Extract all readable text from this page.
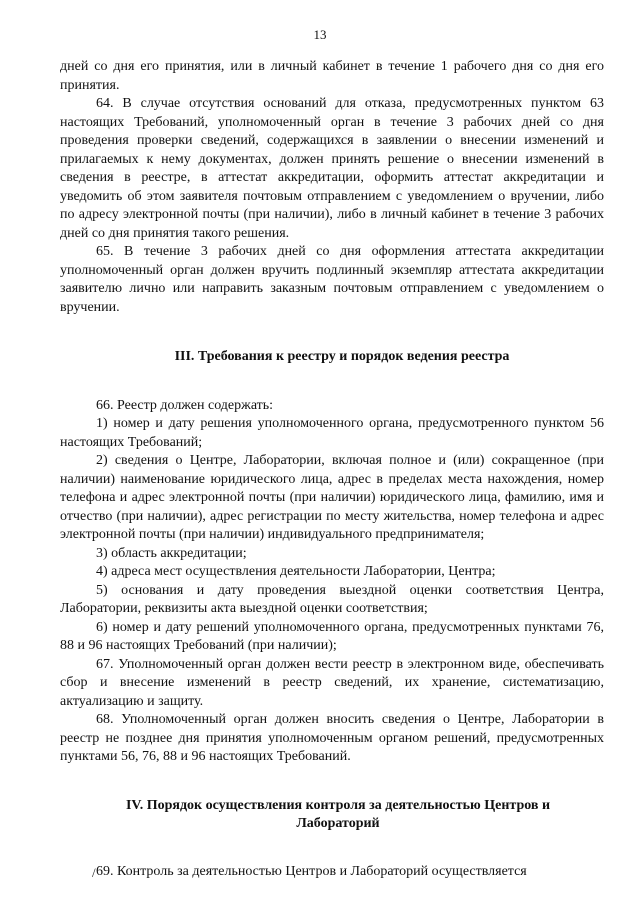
13

дней со дня его принятия, или в личный кабинет в течение 1 рабочего дня со дня его принятия.

64. В случае отсутствия оснований для отказа, предусмотренных пунктом 63 настоящих Требований, уполномоченный орган в течение 3 рабочих дней со дня проведения проверки сведений, содержащихся в заявлении о внесении изменений и прилагаемых к нему документах, должен принять решение о внесении изменений в сведения в реестре, в аттестат аккредитации, оформить аттестат аккредитации и уведомить об этом заявителя почтовым отправлением с уведомлением о вручении, либо по адресу электронной почты (при наличии), либо в личный кабинет в течение 3 рабочих дней со дня принятия такого решения.

65. В течение 3 рабочих дней со дня оформления аттестата аккредитации уполномоченный орган должен вручить подлинный экземпляр аттестата аккредитации заявителю лично или направить заказным почтовым отправлением с уведомлением о вручении.

III. Требования к реестру и порядок ведения реестра

66. Реестр должен содержать:

1) номер и дату решения уполномоченного органа, предусмотренного пунктом 56 настоящих Требований;

2) сведения о Центре, Лаборатории, включая полное и (или) сокращенное (при наличии) наименование юридического лица, адрес в пределах места нахождения, номер телефона и адрес электронной почты (при наличии) юридического лица, фамилию, имя и отчество (при наличии), адрес регистрации по месту жительства, номер телефона и адрес электронной почты (при наличии) индивидуального предпринимателя;

3) область аккредитации;

4) адреса мест осуществления деятельности Лаборатории, Центра;

5) основания и дату проведения выездной оценки соответствия Центра, Лаборатории, реквизиты акта выездной оценки соответствия;

6) номер и дату решений уполномоченного органа, предусмотренных пунктами 76, 88 и 96 настоящих Требований (при наличии);

67. Уполномоченный орган должен вести реестр в электронном виде, обеспечивать сбор и внесение изменений в реестр сведений, их хранение, систематизацию, актуализацию и защиту.

68. Уполномоченный орган должен вносить сведения о Центре, Лаборатории в реестр не позднее дня принятия уполномоченным органом решений, предусмотренных пунктами 56, 76, 88 и 96 настоящих Требований.

IV. Порядок осуществления контроля за деятельностью Центров и
Лабораторий

69. Контроль за деятельностью Центров и Лабораторий осуществляется

/
